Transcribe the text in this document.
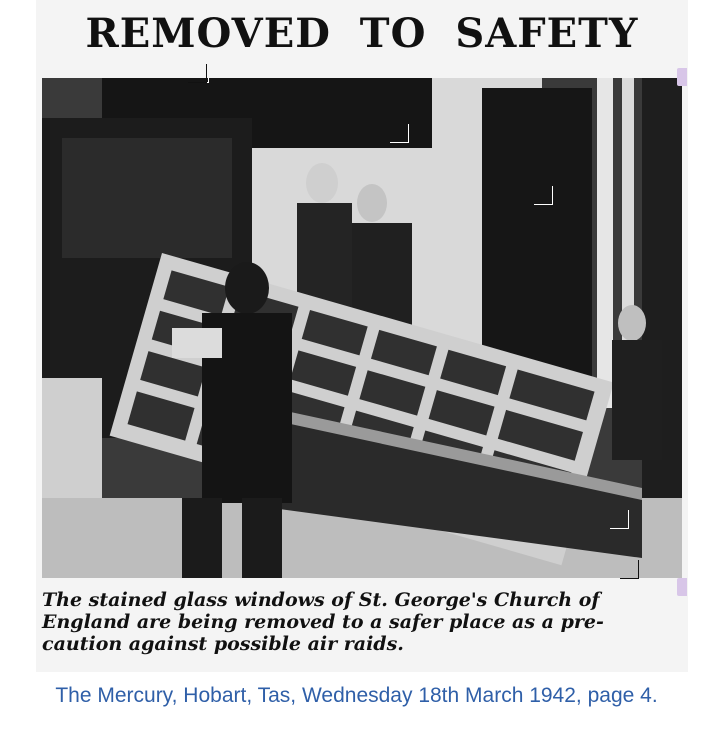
REMOVED TO SAFETY
The stained glass windows of St. George's Church of
England are being removed to a safer place as a pre-
caution against possible air raids.
The Mercury, Hobart, Tas, Wednesday 18th March 1942, page 4.
